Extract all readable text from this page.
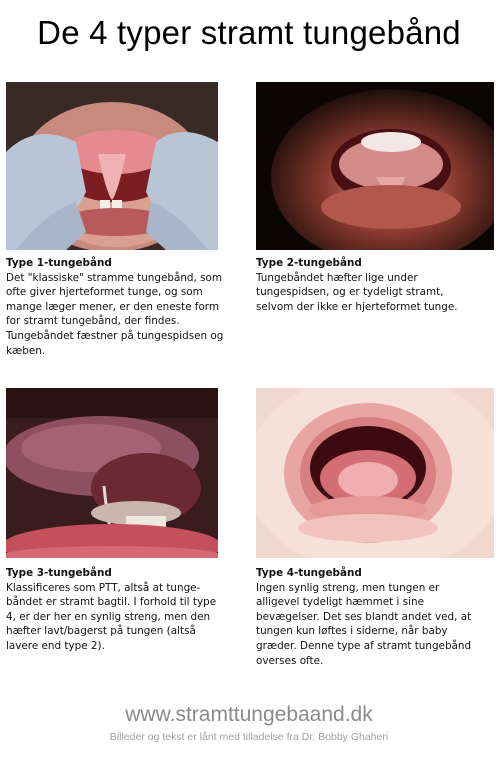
De 4 typer stramt tungebånd
Type 1-tungebånd
Det "klassiske" stramme tungebånd, som ofte giver hjerteformet tunge, og som mange læger mener, er den eneste form for stramt tungebånd, der findes. Tungebåndet fæstner på tungespidsen og kæben.
Type 2-tungebånd
Tungebåndet hæfter lige under tungespidsen, og er tydeligt stramt, selvom der ikke er hjerteformet tunge.
Type 3-tungebånd
Klassificeres som PTT, altså at tunge-båndet er stramt bagtil. I forhold til type 4, er der her en synlig streng, men den hæfter lavt/bagerst på tungen (altså lavere end type 2).
Type 4-tungebånd
Ingen synlig streng, men tungen er alligevel tydeligt hæmmet i sine bevægelser. Det ses blandt andet ved, at tungen kun løftes i siderne, når baby græder. Denne type af stramt tungebånd overses ofte.
www.stramttungebaand.dk
Billeder og tekst er lånt med tilladelse fra Dr. Bobby Ghaheri
